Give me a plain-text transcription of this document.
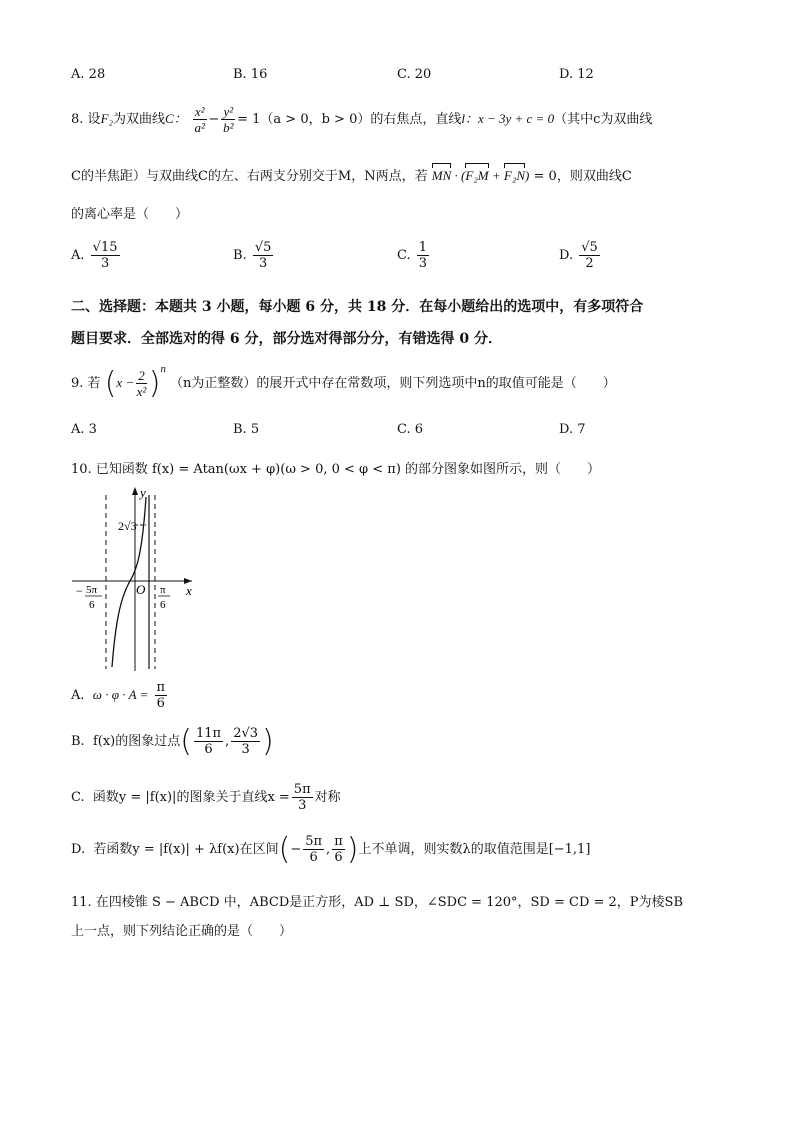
A. 28	B. 16	C. 20	D. 12
8. 设F₂为双曲线C： $\frac{\text{x²}}{\text{a²}} - \frac{\text{y²}}{\text{b²}} = 1(a > 0$，b > 0）的右焦点，直线l：x − 3y + c = 0（其中c为双曲线
C的半焦距）与双曲线C的左、右两支分别交于M，N两点，若 MN · (F₂M + F₂N) = 0，则双曲线C
的离心率是（　　）
A. $\frac{√15}{3}$	B. $\frac{√5}{3}$	C. $\frac{1}{3}$	D. $\frac{√5}{2}$
二、选择题：本题共 3 小题，每小题 6 分，共 18 分．在每小题给出的选项中，有多项符合
题目要求．全部选对的得 6 分，部分选对得部分分，有错选得 0 分．
9. 若 $(x - \frac{2}{\text{x²}} )^n$ （n为正整数）的展开式中存在常数项，则下列选项中n的取值可能是（　　）
A. 3	B. 5	C. 6	D. 7
10. 已知函数 f(x) = Atan(ωx + φ)(ω > 0, 0 < φ < π) 的部分图象如图所示，则（　　）
y
x
O
2√3
− 5π
6
π
6
A. $\omega \cdot \varphi \cdot A = \frac{\pi}{6}$
B. f(x)的图象过点( $\frac{11\pi}{6}$ , $\frac{2√3}{3}$ )
C. 函数y = |f(x)|的图象关于直线$x = \frac{5\pi}{3}$ 对称
D. 若函数y = |f(x)| + λf(x)在区间(− $\frac{5\pi}{6}$ , $\frac{\pi}{6}$ )上不单调，则实数λ的取值范围是[−1,1]
11. 在四棱锥 S − ABCD 中，ABCD是正方形，AD ⊥ SD，∠SDC = 120°，SD = CD = 2，P为棱SB
上一点，则下列结论正确的是（　　）
